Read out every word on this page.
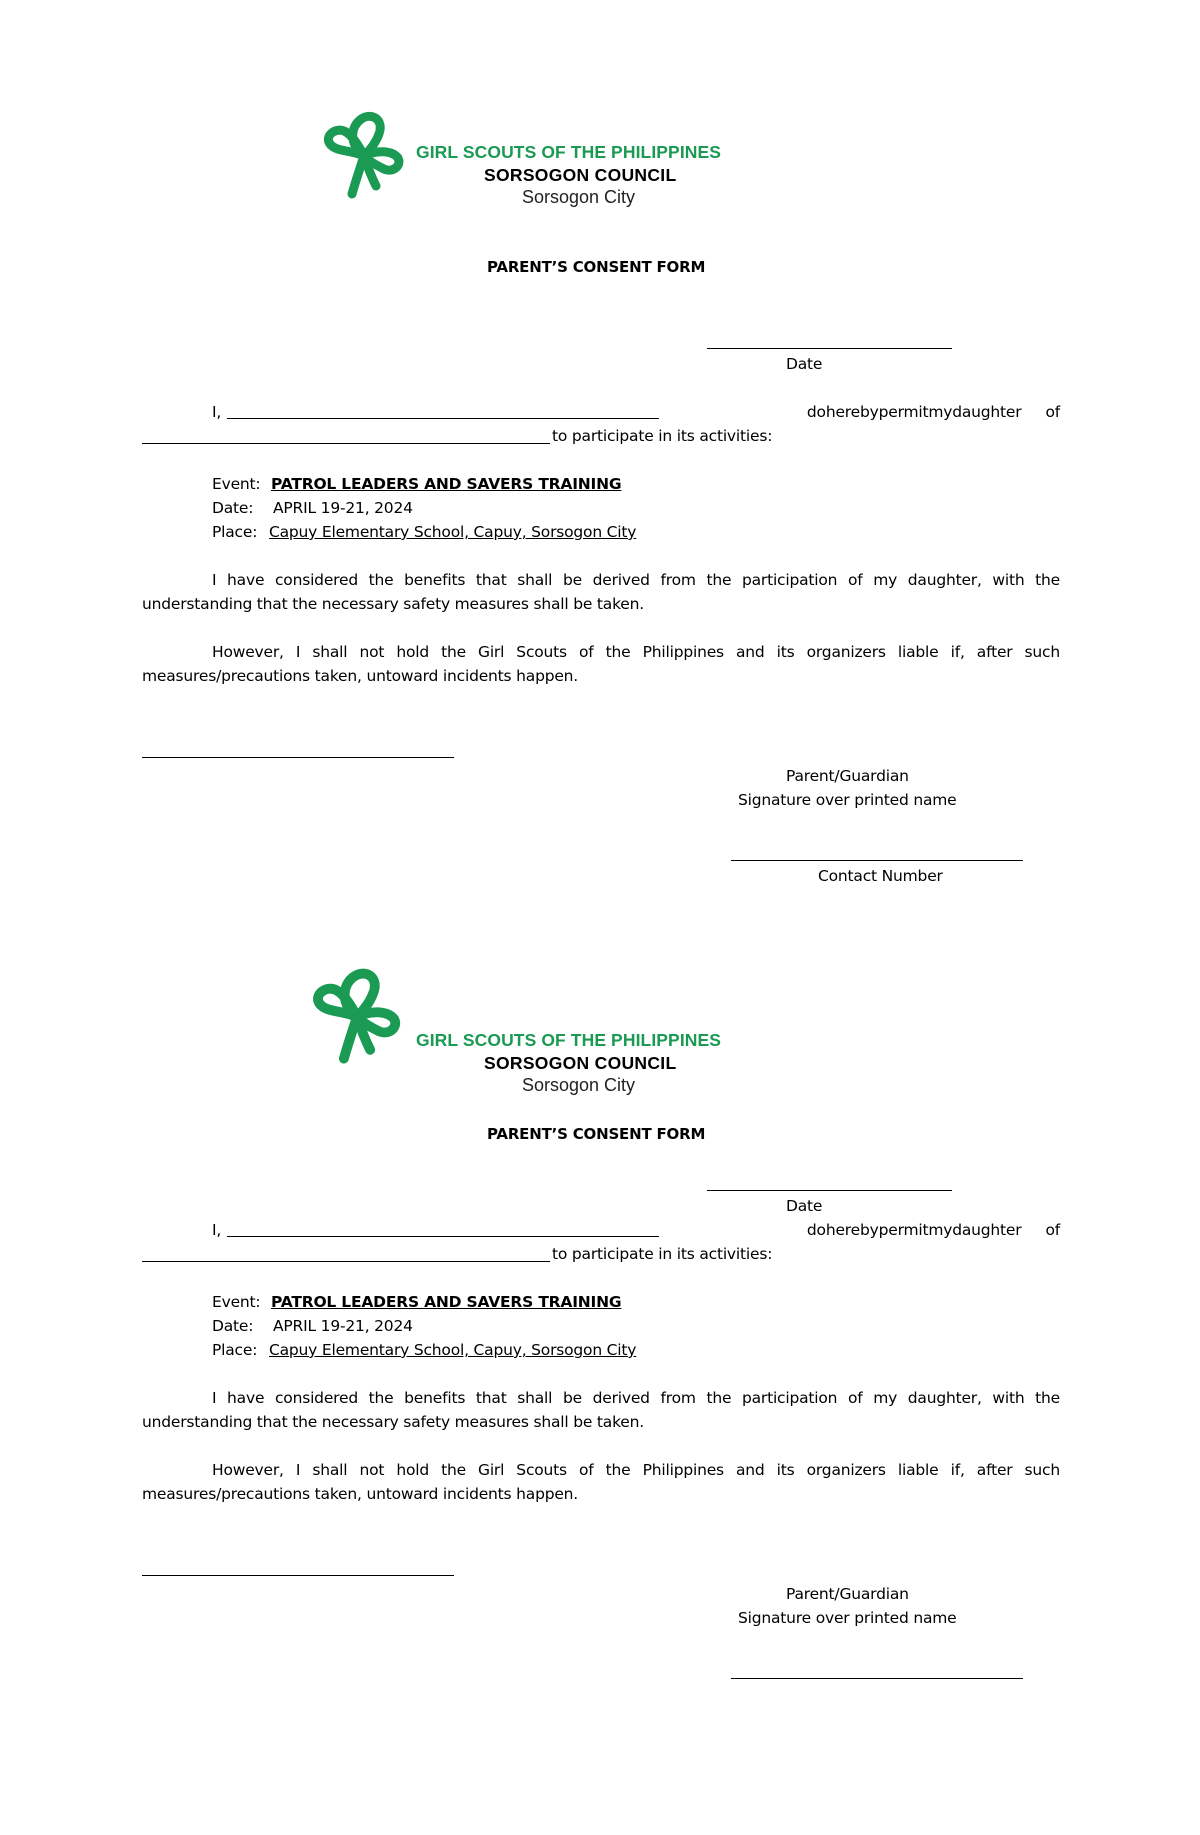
GIRL SCOUTS OF THE PHILIPPINES
SORSOGON COUNCIL
Sorsogon City
PARENT’S CONSENT FORM
Date
I,	do hereby permit my daughter of
to participate in its activities:
Event: PATROL LEADERS AND SAVERS TRAINING
Date: APRIL 19-21, 2024
Place: Capuy Elementary School, Capuy, Sorsogon City
I have considered the benefits that shall be derived from the participation of my daughter, with the understanding that the necessary safety measures shall be taken.
However, I shall not hold the Girl Scouts of the Philippines and its organizers liable if, after such measures/precautions taken, untoward incidents happen.
Parent/Guardian
Signature over printed name
Contact Number
GIRL SCOUTS OF THE PHILIPPINES
SORSOGON COUNCIL
Sorsogon City
PARENT’S CONSENT FORM
Date
I,	do hereby permit my daughter of
to participate in its activities:
Event: PATROL LEADERS AND SAVERS TRAINING
Date: APRIL 19-21, 2024
Place: Capuy Elementary School, Capuy, Sorsogon City
I have considered the benefits that shall be derived from the participation of my daughter, with the understanding that the necessary safety measures shall be taken.
However, I shall not hold the Girl Scouts of the Philippines and its organizers liable if, after such measures/precautions taken, untoward incidents happen.
Parent/Guardian
Signature over printed name
